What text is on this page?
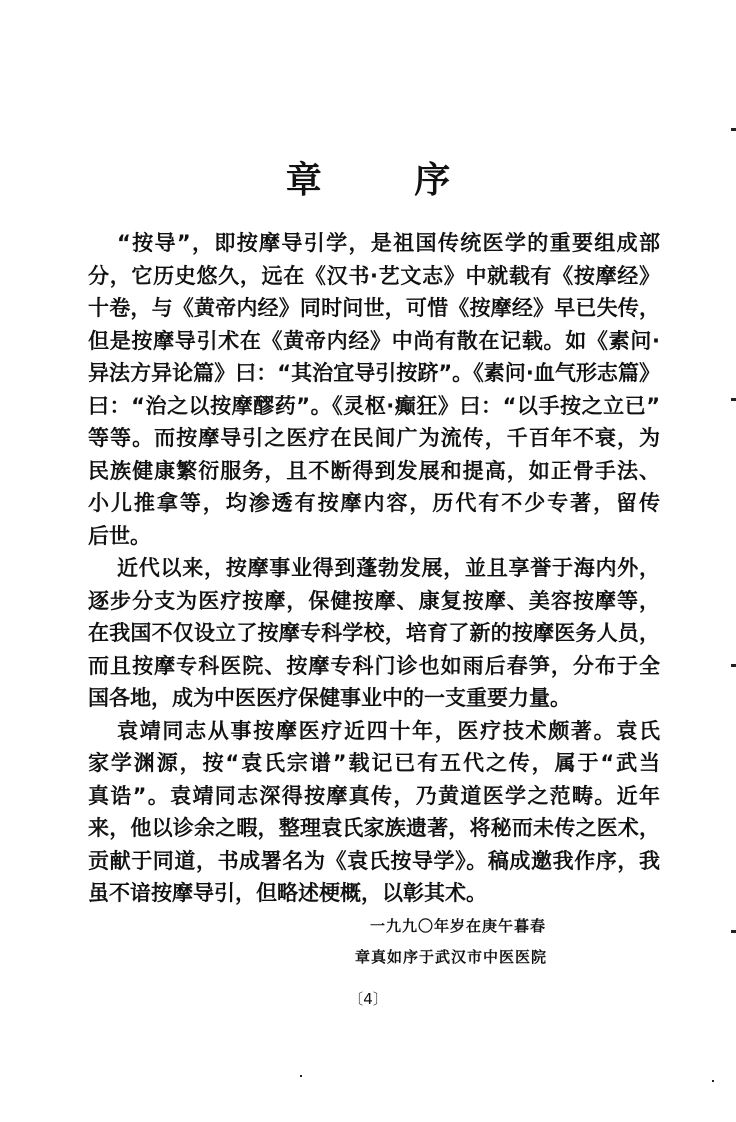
章 序
“按导”，即按摩导引学，是祖国传统医学的重要组成部
分，它历史悠久，远在《汉书·艺文志》中就载有《按摩经》
十卷，与《黄帝内经》同时问世，可惜《按摩经》早已失传，
但是按摩导引术在《黄帝内经》中尚有散在记载。如《素问·
异法方异论篇》曰：“其治宜导引按跻”。《素问·血气形志篇》
曰：“治之以按摩醪药”。《灵枢·癫狂》曰：“以手按之立已”
等等。而按摩导引之医疗在民间广为流传，千百年不衰，为
民族健康繁衍服务，且不断得到发展和提高，如正骨手法、
小儿推拿等，均渗透有按摩内容，历代有不少专著，留传
后世。
近代以来，按摩事业得到蓬勃发展，並且享誉于海内外，
逐步分支为医疗按摩，保健按摩、康复按摩、美容按摩等，
在我国不仅设立了按摩专科学校，培育了新的按摩医务人员，
而且按摩专科医院、按摩专科门诊也如雨后春笋，分布于全
国各地，成为中医医疗保健事业中的一支重要力量。
袁靖同志从事按摩医疗近四十年，医疗技术颇著。袁氏
家学渊源，按“袁氏宗谱”载记已有五代之传，属于“武当
真诰”。袁靖同志深得按摩真传，乃黄道医学之范畴。近年
来，他以诊余之暇，整理袁氏家族遗著，将秘而未传之医术，
贡献于同道，书成署名为《袁氏按导学》。稿成邀我作序，我
虽不谙按摩导引，但略述梗概，以彰其术。
一九九〇年岁在庚午暮春
章真如序于武汉市中医医院
〔4〕
